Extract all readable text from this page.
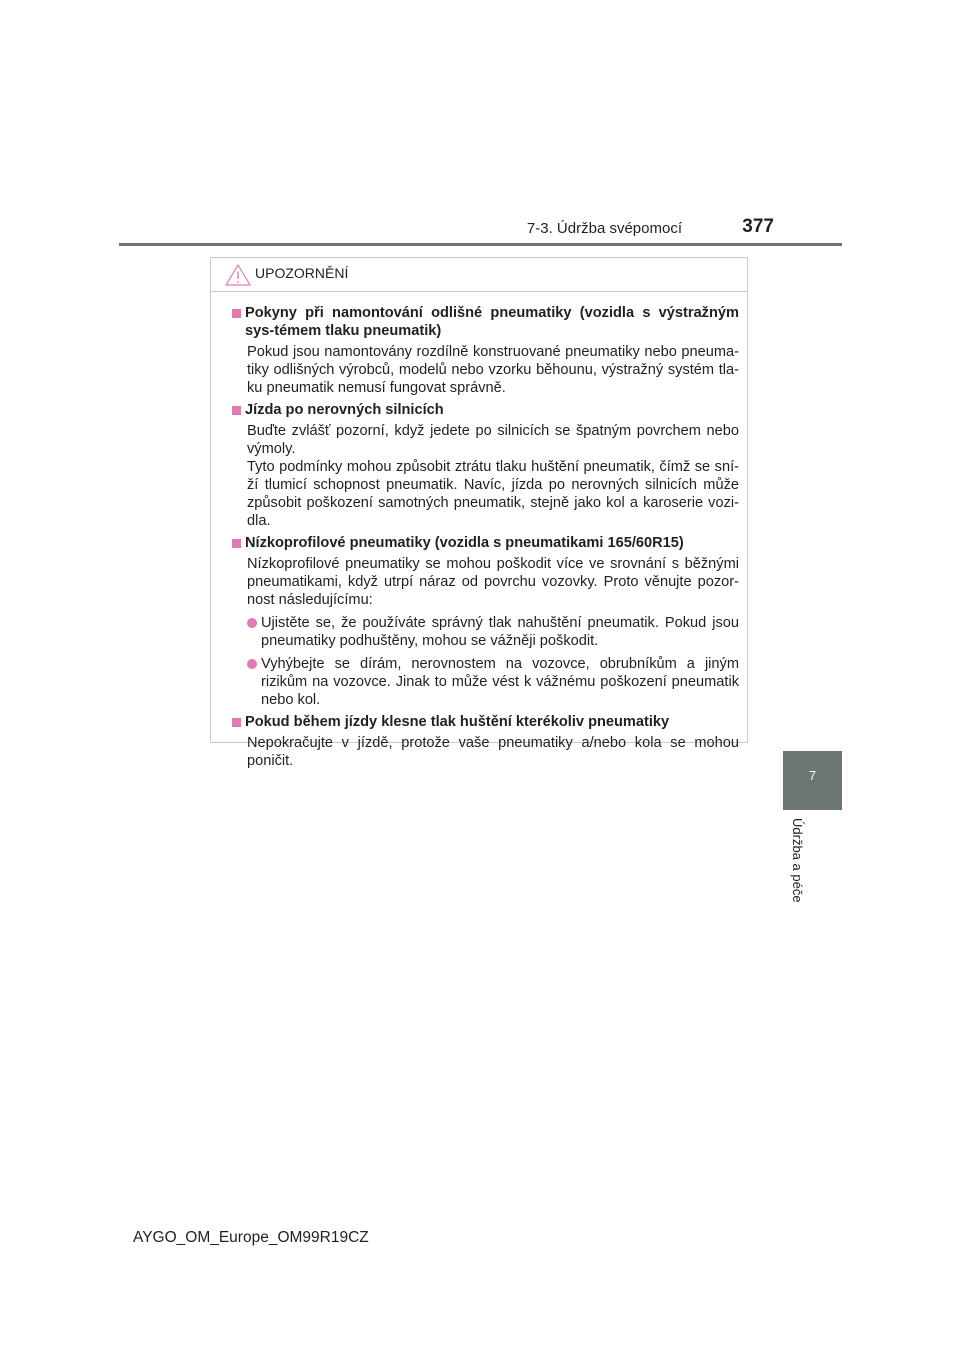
7-3. Údržba svépomocí	377
7
Údržba a péče
UPOZORNĚNÍ
Pokyny při namontování odlišné pneumatiky (vozidla s výstražným sys-témem tlaku pneumatik)
Pokud jsou namontovány rozdílně konstruované pneumatiky nebo pneuma-tiky odlišných výrobců, modelů nebo vzorku běhounu, výstražný systém tla-ku pneumatik nemusí fungovat správně.
Jízda po nerovných silnicích
Buďte zvlášť pozorní, když jedete po silnicích se špatným povrchem nebo výmoly.
Tyto podmínky mohou způsobit ztrátu tlaku huštění pneumatik, čímž se sní-ží tlumicí schopnost pneumatik. Navíc, jízda po nerovných silnicích může způsobit poškození samotných pneumatik, stejně jako kol a karoserie vozi-dla.
Nízkoprofilové pneumatiky (vozidla s pneumatikami 165/60R15)
Nízkoprofilové pneumatiky se mohou poškodit více ve srovnání s běžnými pneumatikami, když utrpí náraz od povrchu vozovky. Proto věnujte pozor-nost následujícímu:
Ujistěte se, že používáte správný tlak nahuštění pneumatik. Pokud jsou pneumatiky podhuštěny, mohou se vážněji poškodit.
Vyhýbejte se dírám, nerovnostem na vozovce, obrubníkům a jiným rizikům na vozovce. Jinak to může vést k vážnému poškození pneumatik nebo kol.
Pokud během jízdy klesne tlak huštění kterékoliv pneumatiky
Nepokračujte v jízdě, protože vaše pneumatiky a/nebo kola se mohou poničit.
AYGO_OM_Europe_OM99R19CZ
